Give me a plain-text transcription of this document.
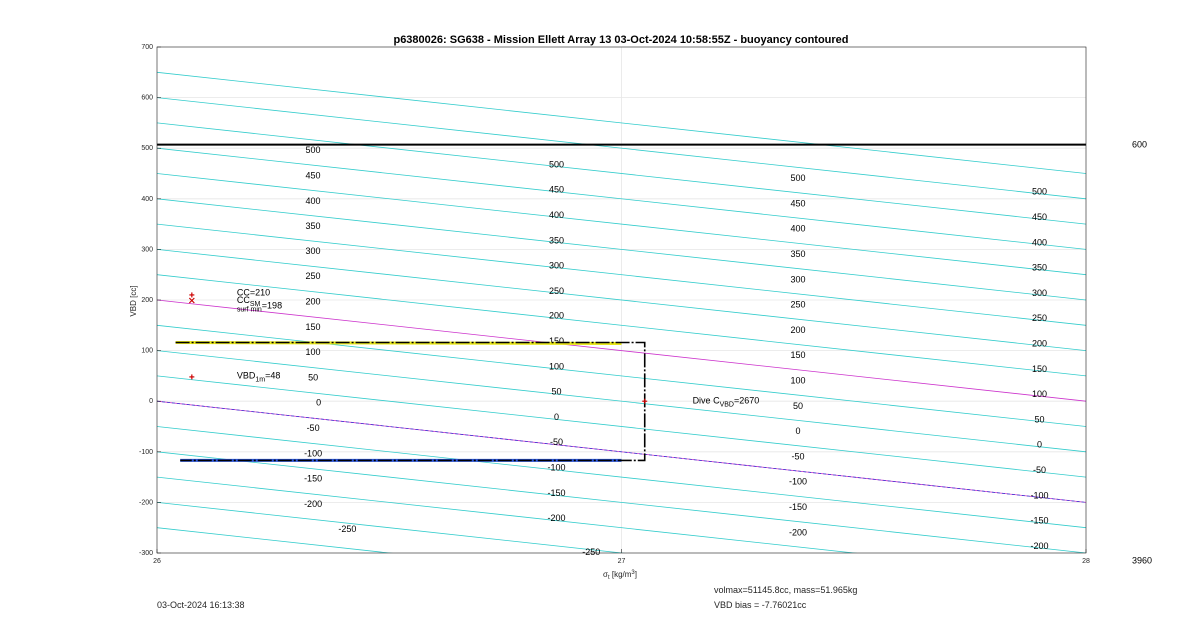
500
450
400
350
300
250
200
150
100
50
0
-50
-100
-150
-200
-250
500
450
400
350
300
250
200
150
100
50
0
-50
-100
-150
-200
-250
500
450
400
350
300
250
200
150
100
50
0
-50
-100
-150
-200
500
450
400
350
300
250
200
150
100
50
0
-50
-100
-150
-200
700
600
500
400
300
200
100
0
-100
-200
-300
26	27	28
600
3960
p6380026: SG638 - Mission Ellett Array 13 03-Oct-2024 10:58:55Z - buoyancy contoured
VBD [cc]
$\sigma_t$ $[kg/m^3]$
CC=210
$CC_{SM}$
$_{surf min}$=198
$VBD_{1m}=48$
Dive $C_{VBD}=2670$
03-Oct-2024 16:13:38
volmax=51145.8cc, mass=51.965kg
VBD bias = -7.76021cc
